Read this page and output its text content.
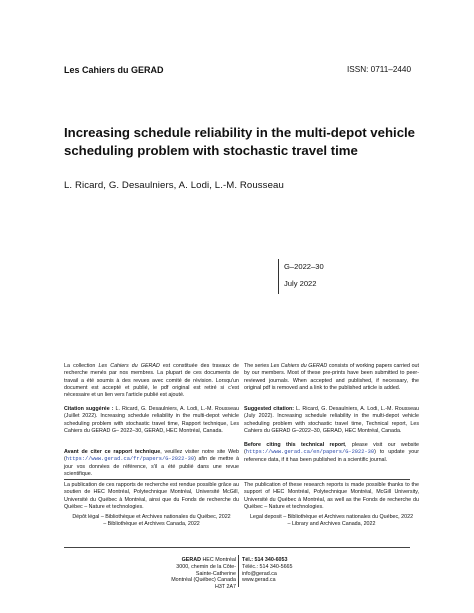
Les Cahiers du GERAD	ISSN: 0711–2440
Increasing schedule reliability in the multi-depot vehicle scheduling problem with stochastic travel time
L. Ricard, G. Desaulniers, A. Lodi, L.-M. Rousseau
G–2022–30
July 2022

La collection Les Cahiers du GERAD est constituée des travaux de recherche menés par nos membres. La plupart de ces documents de travail a été soumis à des revues avec comité de révision. Lorsqu'un document est accepté et publié, le pdf original est retiré si c'est nécessaire et un lien vers l'article publié est ajouté.

Citation suggérée : L. Ricard, G. Desaulniers, A. Lodi, L.-M. Rousseau (Juillet 2022). Increasing schedule reliability in the multi-depot vehicle scheduling problem with stochastic travel time, Rapport technique, Les Cahiers du GERAD G– 2022–30, GERAD, HEC Montréal, Canada.

Avant de citer ce rapport technique, veuillez visiter notre site Web (https://www.gerad.ca/fr/papers/G-2022-30) afin de mettre à jour vos données de référence, s'il a été publié dans une revue scientifique.

The series Les Cahiers du GERAD consists of working papers carried out by our members. Most of these pre-prints have been submitted to peer-reviewed journals. When accepted and published, if necessary, the original pdf is removed and a link to the published article is added.

Suggested citation: L. Ricard, G. Desaulniers, A. Lodi, L.-M. Rousseau (July 2022). Increasing schedule reliability in the multi-depot vehicle scheduling problem with stochastic travel time, Technical report, Les Cahiers du GERAD G–2022–30, GERAD, HEC Montréal, Canada.

Before citing this technical report, please visit our website (https://www.gerad.ca/en/papers/G-2022-30) to update your reference data, if it has been published in a scientific journal.

La publication de ces rapports de recherche est rendue possible grâce au soutien de HEC Montréal, Polytechnique Montréal, Université McGill, Université du Québec à Montréal, ainsi que du Fonds de recherche du Québec – Nature et technologies.

The publication of these research reports is made possible thanks to the support of HEC Montréal, Polytechnique Montréal, McGill University, Université du Québec à Montréal, as well as the Fonds de recherche du Québec – Nature et technologies.

Dépôt légal – Bibliothèque et Archives nationales du Québec, 2022

– Bibliothèque et Archives Canada, 2022

Legal deposit – Bibliothèque et Archives nationales du Québec, 2022

– Library and Archives Canada, 2022

GERAD HEC Montréal
3000, chemin de la Côte-Sainte-Catherine
Montréal (Québec) Canada H3T 2A7
Tél.: 514 340-6053
Téléc.: 514 340-5665
info@gerad.ca
www.gerad.ca
